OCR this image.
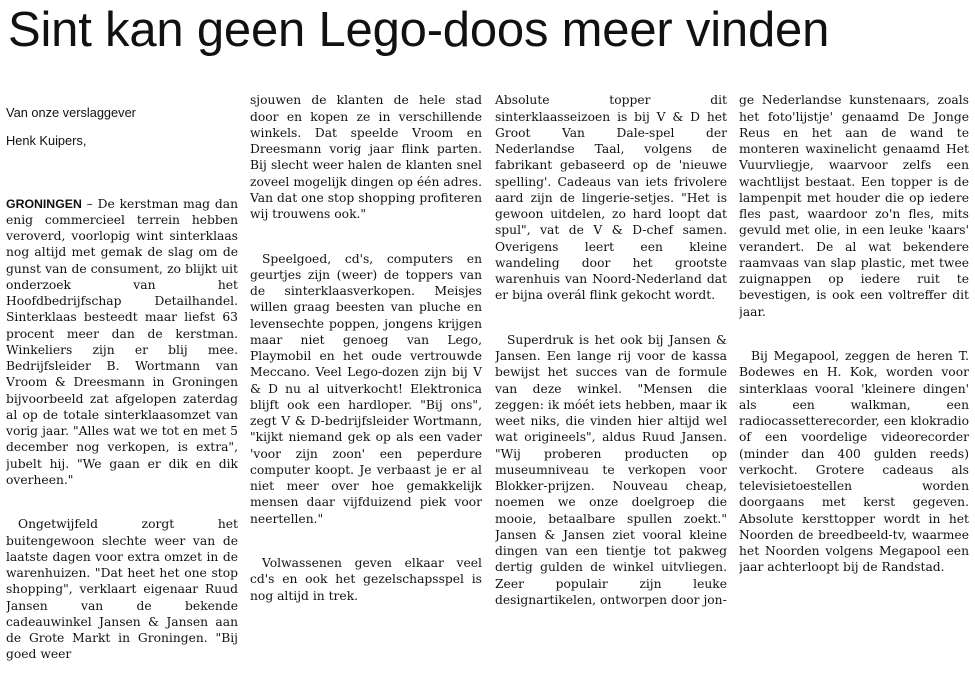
Sint kan geen Lego-doos meer vinden

Van onze verslaggever

Henk Kuipers,

GRONINGEN – De kerstman mag dan enig commercieel terrein hebben veroverd, voorlopig wint sinterklaas nog altijd met gemak de slag om de gunst van de consument, zo blijkt uit onderzoek van het Hoofdbedrijfschap Detailhandel. Sinterklaas besteedt maar liefst 63 procent meer dan de kerstman. Winkeliers zijn er blij mee. Bedrijfsleider B. Wortmann van Vroom & Dreesmann in Groningen bijvoorbeeld zat afgelopen zaterdag al op de totale sinterklaasomzet van vorig jaar. "Alles wat we tot en met 5 december nog verkopen, is extra", jubelt hij. "We gaan er dik en dik overheen."

Ongetwijfeld zorgt het buitengewoon slechte weer van de laatste dagen voor extra omzet in de warenhuizen. "Dat heet het one stop shopping", verklaart eigenaar Ruud Jansen van de bekende cadeauwinkel Jansen & Jansen aan de Grote Markt in Groningen. "Bij goed weer

sjouwen de klanten de hele stad door en kopen ze in verschillende winkels. Dat speelde Vroom en Dreesmann vorig jaar flink parten. Bij slecht weer halen de klanten snel zoveel mogelijk dingen op één adres. Van dat one stop shopping profiteren wij trouwens ook."

Speelgoed, cd's, computers en geurtjes zijn (weer) de toppers van de sinterklaasverkopen. Meisjes willen graag beesten van pluche en levensechte poppen, jongens krijgen maar niet genoeg van Lego, Playmobil en het oude vertrouwde Meccano. Veel Lego-dozen zijn bij V & D nu al uitverkocht! Elektronica blijft ook een hardloper. "Bij ons", zegt V & D-bedrijfsleider Wortmann, "kijkt niemand gek op als een vader 'voor zijn zoon' een peperdure computer koopt. Je verbaast je er al niet meer over hoe gemakkelijk mensen daar vijfduizend piek voor neertellen."

Volwassenen geven elkaar veel cd's en ook het gezelschapsspel is nog altijd in trek.

Absolute topper dit sinterklaasseizoen is bij V & D het Groot Van Dale-spel der Nederlandse Taal, volgens de fabrikant gebaseerd op de 'nieuwe spelling'. Cadeaus van iets frivolere aard zijn de lingerie-setjes. "Het is gewoon uitdelen, zo hard loopt dat spul", vat de V & D-chef samen. Overigens leert een kleine wandeling door het grootste warenhuis van Noord-Nederland dat er bijna overál flink gekocht wordt.

Superdruk is het ook bij Jansen & Jansen. Een lange rij voor de kassa bewijst het succes van de formule van deze winkel. "Mensen die zeggen: ik móét iets hebben, maar ik weet niks, die vinden hier altijd wel wat origineels", aldus Ruud Jansen. "Wij proberen producten op museumniveau te verkopen voor Blokker-prijzen. Nouveau cheap, noemen we onze doelgroep die mooie, betaalbare spullen zoekt." Jansen & Jansen ziet vooral kleine dingen van een tientje tot pakweg dertig gulden de winkel uitvliegen. Zeer populair zijn leuke designartikelen, ontworpen door jon-

ge Nederlandse kunstenaars, zoals het foto'lijstje' genaamd De Jonge Reus en het aan de wand te monteren waxinelicht genaamd Het Vuurvliegje, waarvoor zelfs een wachtlijst bestaat. Een topper is de lampenpit met houder die op iedere fles past, waardoor zo'n fles, mits gevuld met olie, in een leuke 'kaars' verandert. De al wat bekendere raamvaas van slap plastic, met twee zuignappen op iedere ruit te bevestigen, is ook een voltreffer dit jaar.

Bij Megapool, zeggen de heren T. Bodewes en H. Kok, worden voor sinterklaas vooral 'kleinere dingen' als een walkman, een radiocassetterecorder, een klokradio of een voordelige videorecorder (minder dan 400 gulden reeds) verkocht. Grotere cadeaus als televisietoestellen worden doorgaans met kerst gegeven. Absolute kersttopper wordt in het Noorden de breedbeeld-tv, waarmee het Noorden volgens Megapool een jaar achterloopt bij de Randstad.
